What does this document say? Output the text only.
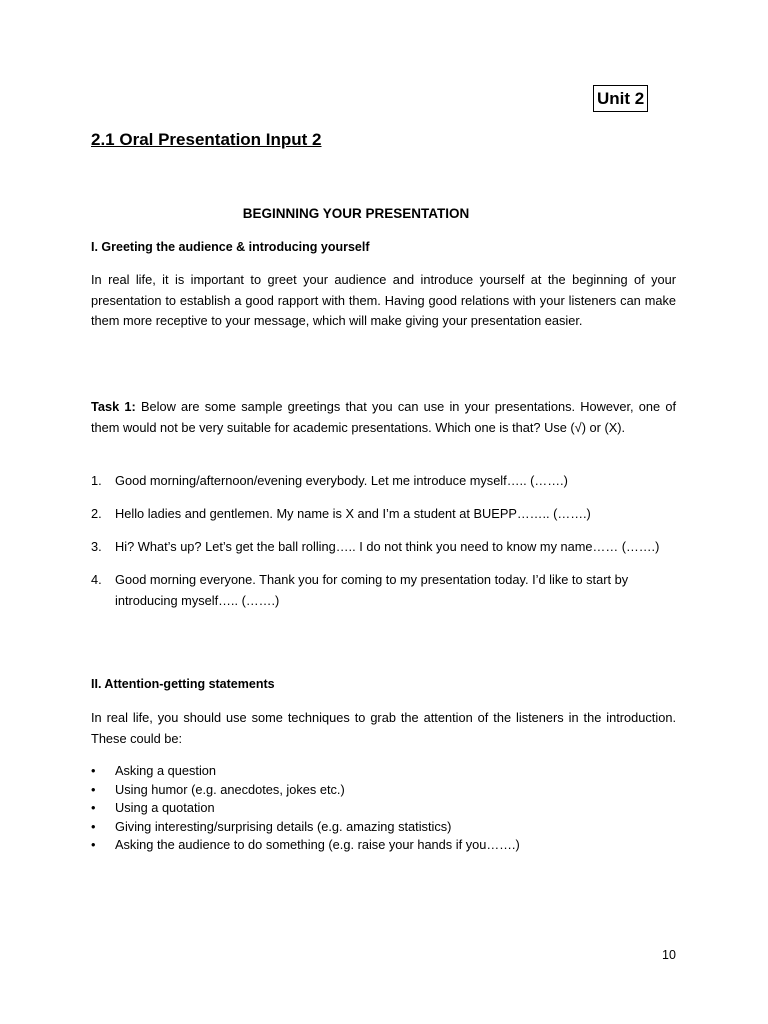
Unit 2
2.1 Oral Presentation Input 2
BEGINNING YOUR PRESENTATION

I. Greeting the audience & introducing yourself

In real life, it is important to greet your audience and introduce yourself at the beginning of your presentation to establish a good rapport with them. Having good relations with your listeners can make them more receptive to your message, which will make giving your presentation easier.

Task 1: Below are some sample greetings that you can use in your presentations. However, one of them would not be very suitable for academic presentations. Which one is that? Use (√) or (X).

1. Good morning/afternoon/evening everybody. Let me introduce myself….. (…….)
2. Hello ladies and gentlemen. My name is X and I’m a student at BUEPP…….. (…….)
3. Hi? What’s up? Let’s get the ball rolling….. I do not think you need to know my name…… (…….)
4. Good morning everyone. Thank you for coming to my presentation today. I’d like to start by introducing myself….. (…….)

II. Attention-getting statements

In real life, you should use some techniques to grab the attention of the listeners in the introduction. These could be:

• Asking a question
• Using humor (e.g. anecdotes, jokes etc.)
• Using a quotation
• Giving interesting/surprising details (e.g. amazing statistics)
• Asking the audience to do something (e.g. raise your hands if you…….)
10
